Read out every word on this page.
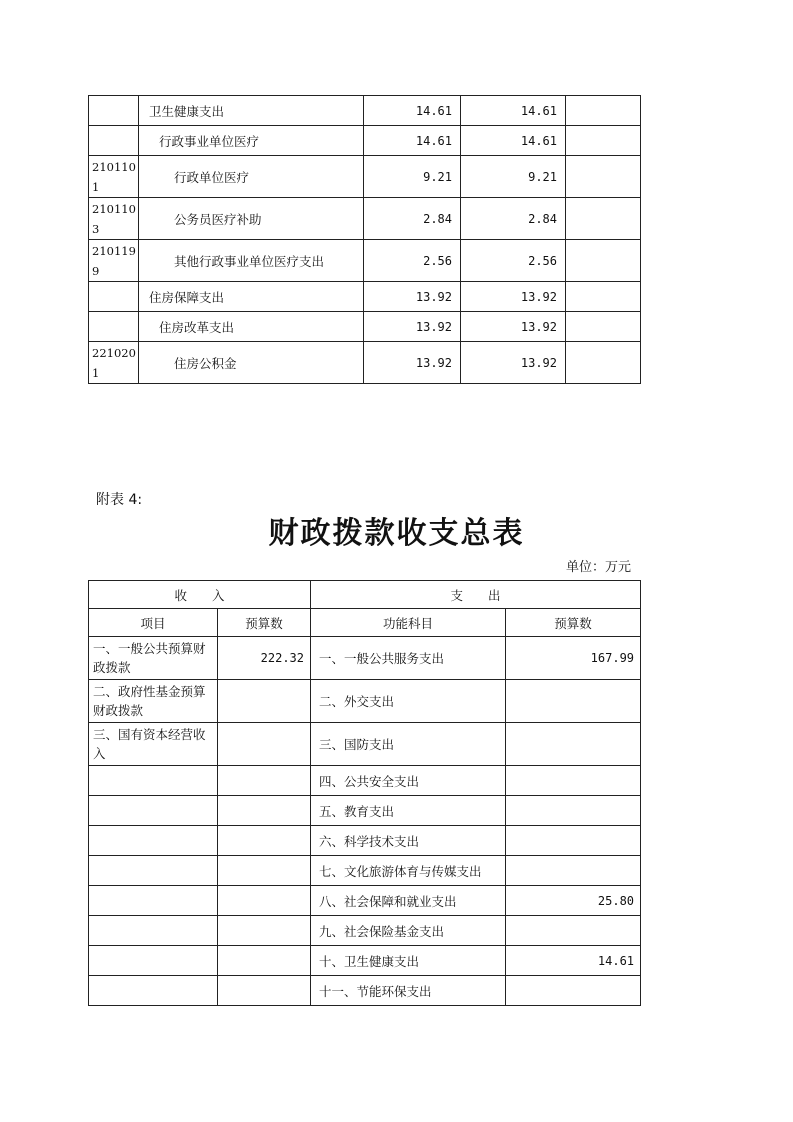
	卫生健康支出	14.61	14.61	
	行政事业单位医疗	14.61	14.61	
2101101	行政单位医疗	9.21	9.21	
2101103	公务员医疗补助	2.84	2.84	
2101199	其他行政事业单位医疗支出	2.56	2.56	
	住房保障支出	13.92	13.92	
	住房改革支出	13.92	13.92	
2210201	住房公积金	13.92	13.92	
附表 4:
财政拨款收支总表
单位：万元
收　　入		支　　出	
项目	预算数	功能科目	预算数
一、一般公共预算财政拨款	222.32	一、一般公共服务支出	167.99
二、政府性基金预算财政拨款		二、外交支出	
三、国有资本经营收入		三、国防支出	
		四、公共安全支出	
		五、教育支出	
		六、科学技术支出	
		七、文化旅游体育与传媒支出	
		八、社会保障和就业支出	25.80
		九、社会保险基金支出	
		十、卫生健康支出	14.61
		十一、节能环保支出	
